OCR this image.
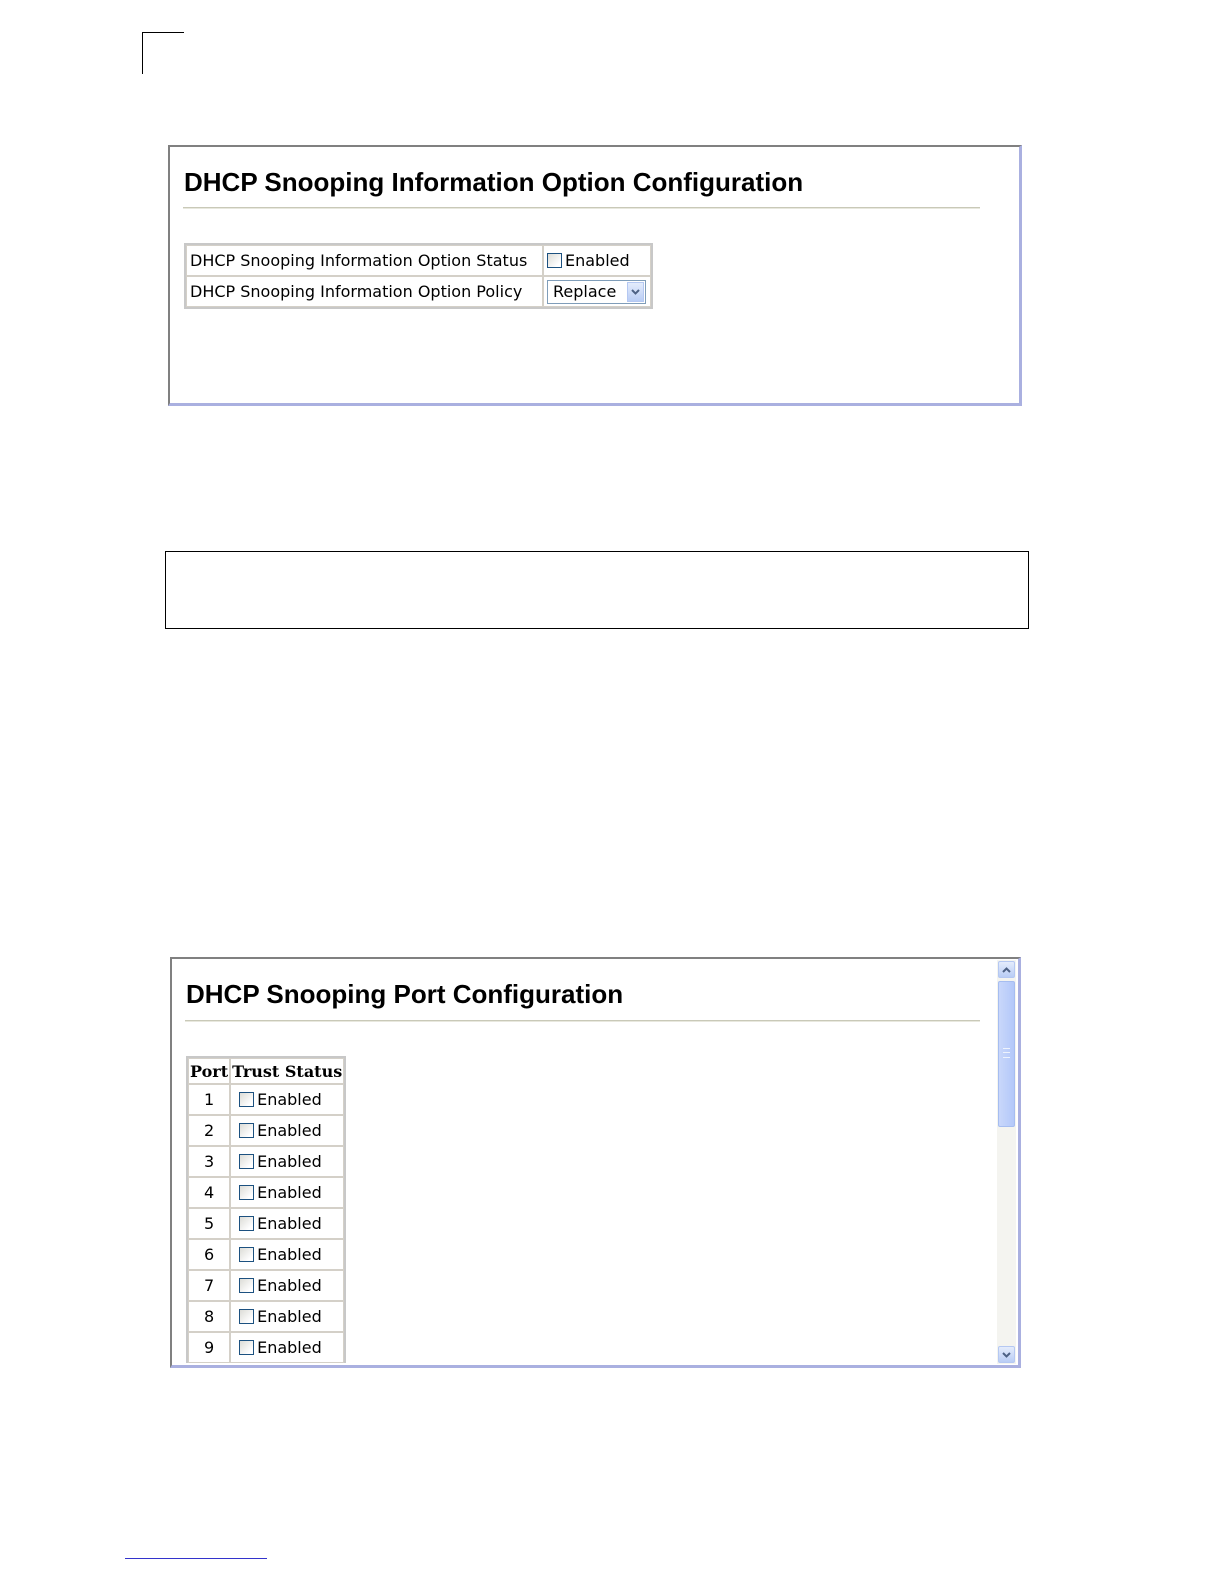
DHCP Snooping Information Option Configuration
DHCP Snooping Information Option Status	Enabled
DHCP Snooping Information Option Policy	Replace
DHCP Snooping Port Configuration
Port	Trust Status
1	Enabled
2	Enabled
3	Enabled
4	Enabled
5	Enabled
6	Enabled
7	Enabled
8	Enabled
9	Enabled
